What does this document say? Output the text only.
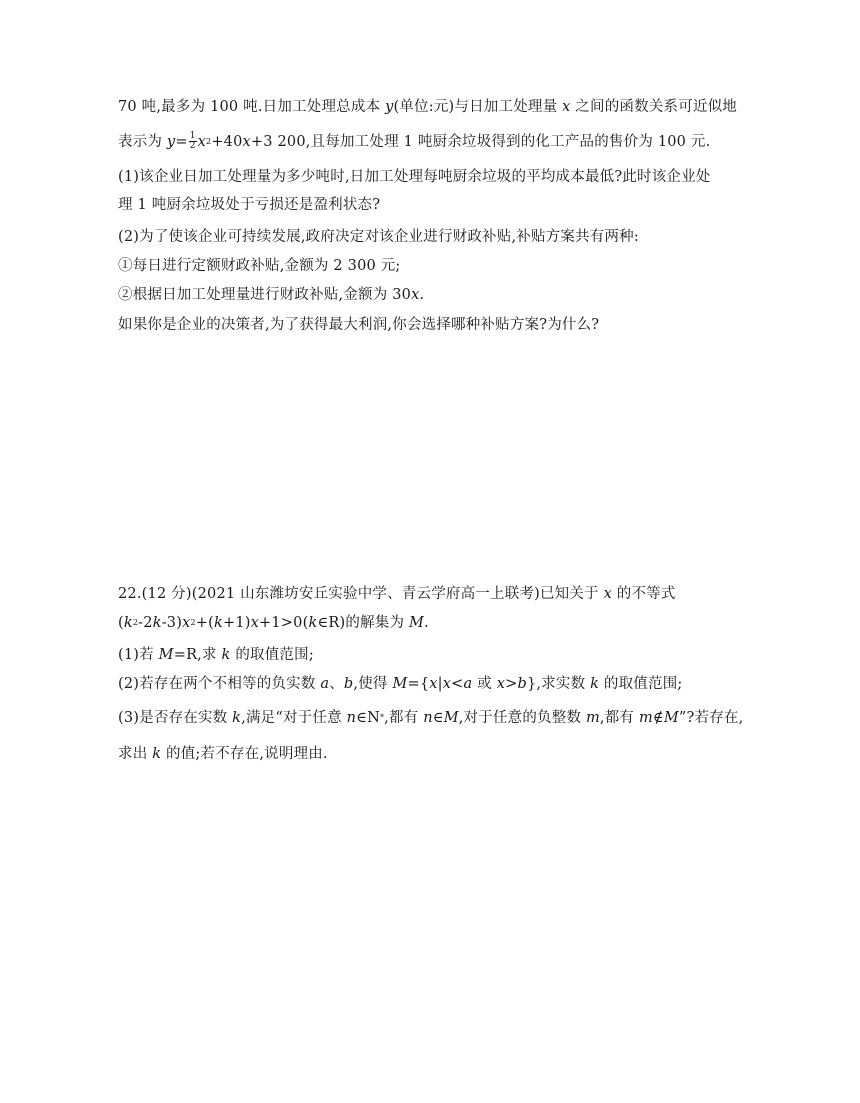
70 吨,最多为 100 吨.日加工处理总成本 y(单位:元)与日加工处理量 x 之间的函数关系可近似地
表示为 $y= \frac{1}{2} x^2+40x+3$ 200,且每加工处理 1 吨厨余垃圾得到的化工产品的售价为 100 元.
(1)该企业日加工处理量为多少吨时,日加工处理每吨厨余垃圾的平均成本最低?此时该企业处
理 1 吨厨余垃圾处于亏损还是盈利状态?
(2)为了使该企业可持续发展,政府决定对该企业进行财政补贴,补贴方案共有两种:
①每日进行定额财政补贴,金额为 2 300 元;
②根据日加工处理量进行财政补贴,金额为 30x.
如果你是企业的决策者,为了获得最大利润,你会选择哪种补贴方案?为什么?
22.(12 分)(2021 山东潍坊安丘实验中学、青云学府高一上联考)已知关于 x 的不等式
$(k^2-2k-3)x^2+(k+1)x+1>0(k\in R)$的解集为 M.
(1)若 M=R,求 k 的取值范围;
(2)若存在两个不相等的负实数 a、b,使得 M={x|x<a 或 x>b},求实数 k 的取值范围;
(3)是否存在实数 k,满足“对于任意 n∈N*,都有 n∈M,对于任意的负整数 m,都有 m∉M”?若存在,
求出 k 的值;若不存在,说明理由.
